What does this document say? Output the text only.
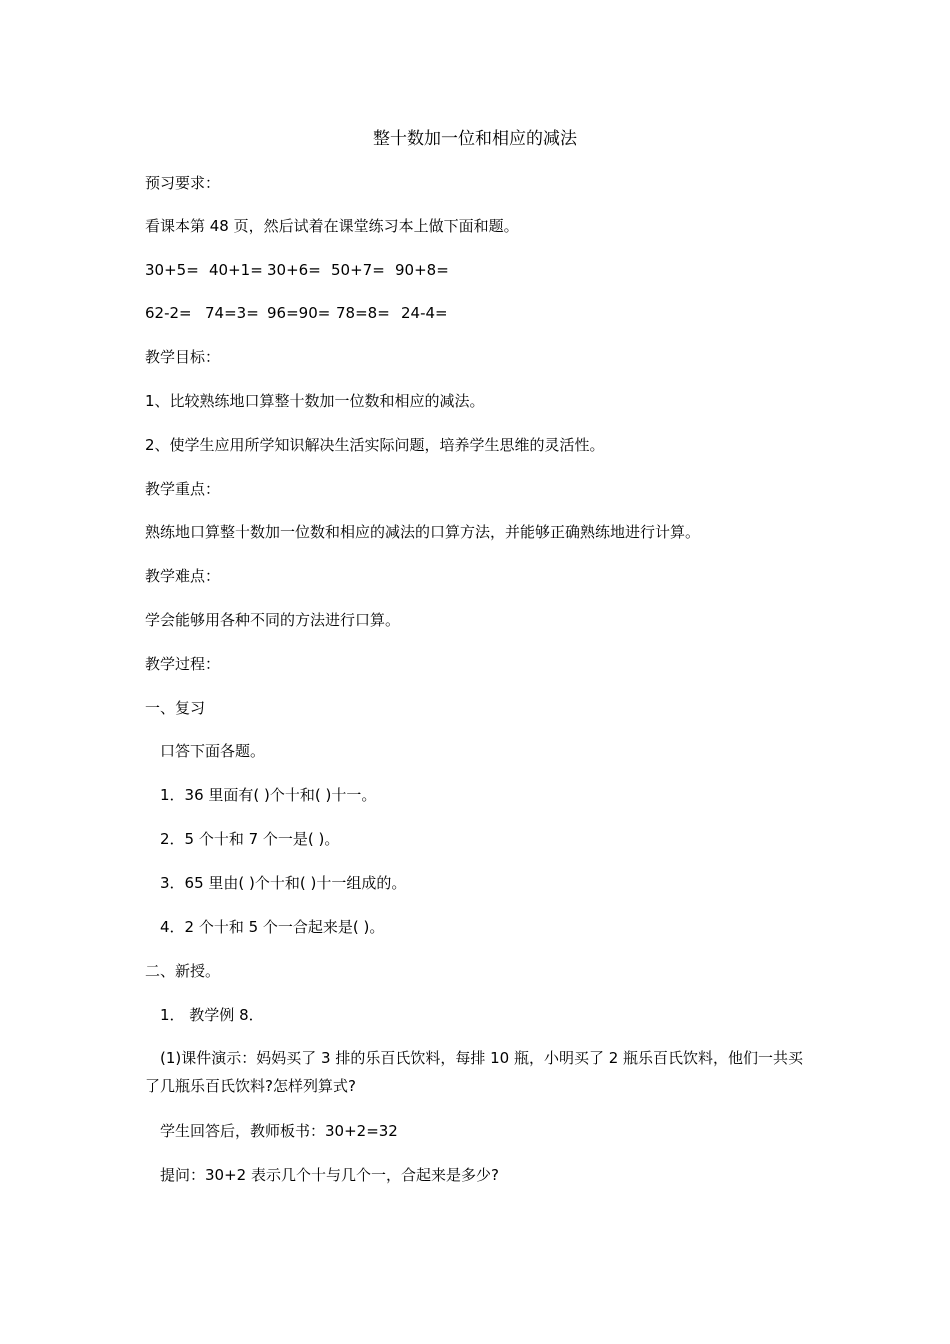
整十数加一位和相应的减法
预习要求：
看课本第 48 页，然后试着在课堂练习本上做下面和题。
30+5= 40+1= 30+6= 50+7= 90+8=
62-2= 74=3= 96=90= 78=8= 24-4=
教学目标：
1、比较熟练地口算整十数加一位数和相应的减法。
2、使学生应用所学知识解决生活实际问题，培养学生思维的灵活性。
教学重点：
熟练地口算整十数加一位数和相应的减法的口算方法，并能够正确熟练地进行计算。
教学难点：
学会能够用各种不同的方法进行口算。
教学过程：
一、复习
口答下面各题。
1．36 里面有( )个十和( )十一。
2．5 个十和 7 个一是( )。
3．65 里由( )个十和( )十一组成的。
4．2 个十和 5 个一合起来是( )。
二、新授。
1． 教学例 8．
(1)课件演示：妈妈买了 3 排的乐百氏饮料，每排 10 瓶，小明买了 2 瓶乐百氏饮料，他们一共买了几瓶乐百氏饮料?怎样列算式?
学生回答后，教师板书：30+2=32
提问：30+2 表示几个十与几个一，合起来是多少?
